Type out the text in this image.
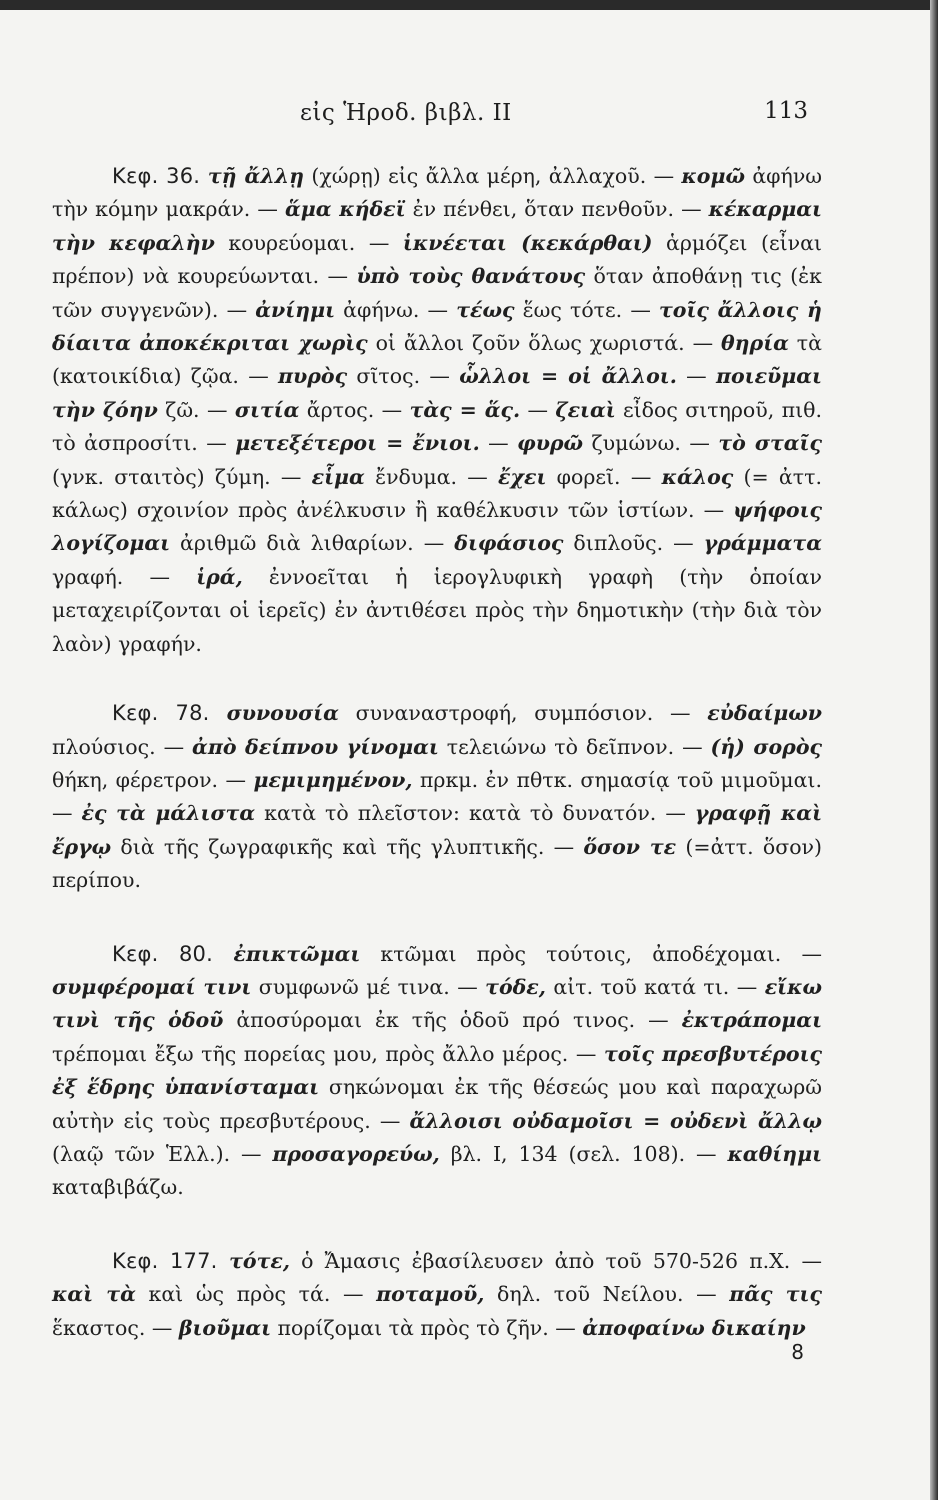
εἰς Ἡροδ. βιβλ. ΙΙ	113

Κεφ. 36. τῇ ἄλλῃ (χώρῃ) εἰς ἄλλα μέρη, ἀλλαχοῦ. — κομῶ ἀφήνω τὴν κόμην μακράν. — ἅμα κήδεϊ ἐν πένθει, ὅταν πενθοῦν. — κέκαρμαι τὴν κεφαλὴν κουρεύομαι. — ἱκνέεται (κεκάρθαι) ἁρμόζει (εἶναι πρέπον) νὰ κουρεύωνται. — ὑπὸ τοὺς θανάτους ὅταν ἀποθάνῃ τις (ἐκ τῶν συγγενῶν). — ἀνίημι ἀφήνω. — τέως ἕως τότε. — τοῖς ἄλλοις ἡ δίαιτα ἀποκέκριται χωρὶς οἱ ἄλλοι ζοῦν ὅλως χωριστά. — θηρία τὰ (κατοικίδια) ζῷα. — πυρὸς σῖτος. — ὧλλοι = οἱ ἄλλοι. — ποιεῦμαι τὴν ζόην ζῶ. — σιτία ἄρτος. — τὰς = ἅς. — ζειαὶ εἶδος σιτηροῦ, πιθ. τὸ ἀσπροσίτι. — μετεξέτεροι = ἔνιοι.— φυρῶ ζυμώνω. — τὸ σταῖς (γνκ. σταιτὸς) ζύμη. — εἷμα ἔνδυμα. — ἔχει φορεῖ. — κάλος (= ἀττ. κάλως) σχοινίον πρὸς ἀνέλκυσιν ἢ καθέλκυσιν τῶν ἱστίων. — ψήφοις λογίζομαι ἀριθμῶ διὰ λιθαρίων. — διφάσιος διπλοῦς. — γράμματα γραφή. —	ἱρά, ἐννοεῖται ἡ ἱερογλυφικὴ γραφὴ (τὴν ὁποίαν μεταχειρίζονται οἱ ἱερεῖς) ἐν ἀντιθέσει πρὸς τὴν δημοτικὴν (τὴν διὰ τὸν λαὸν) γραφήν.

Κεφ. 78. συνουσία συναναστροφή, συμπόσιον. —	εὐδαίμων πλούσιος. — ἀπὸ δείπνου γίνομαι τελειώνω τὸ δεῖπνον. — (ἡ) σορὸς θήκη, φέρετρον. — μεμιμημένον, πρκμ. ἐν πθτκ. σημασίᾳ τοῦ μιμοῦμαι.— ἐς τὰ μάλιστα κατὰ τὸ πλεῖστον: κατὰ τὸ δυνατόν. — γραφῇ καὶ ἔργῳ διὰ τῆς ζωγραφικῆς καὶ τῆς γλυπτικῆς. — ὅσον τε (=ἀττ. ὅσον) περίπου.

Κεφ. 80. ἐπικτῶμαι κτῶμαι πρὸς τούτοις, ἀποδέχομαι.— συμφέρομαί τινι συμφωνῶ μέ τινα. — τόδε, αἰτ. τοῦ κατά τι.— εἴκω τινὶ τῆς ὁδοῦ ἀποσύρομαι ἐκ τῆς ὁδοῦ πρό τινος.— ἐκτράπομαι τρέπομαι ἔξω τῆς πορείας μου, πρὸς ἄλλο μέρος. — τοῖς πρεσβυτέροις ἐξ ἕδρης ὑπανίσταμαι σηκώνομαι ἐκ τῆς θέσεώς μου καὶ παραχωρῶ αὐτὴν εἰς τοὺς πρεσβυτέρους. — ἄλλοισι οὐδαμοῖσι = οὐδενὶ ἄλλῳ (λαῷ τῶν Ἑλλ.).— προσαγορεύω, βλ. Ι, 134 (σελ. 108). — καθίημι καταβιβάζω.

Κεφ. 177. τότε, ὁ Ἄμασις ἐβασίλευσεν ἀπὸ τοῦ 570-526 π.Χ.— καὶ τὰ καὶ ὡς πρὸς τά. — ποταμοῦ, δηλ. τοῦ Νείλου. — πᾶς τις ἕκαστος. — βιοῦμαι πορίζομαι τὰ πρὸς τὸ ζῆν. — ἀποφαίνω δικαίην

8
